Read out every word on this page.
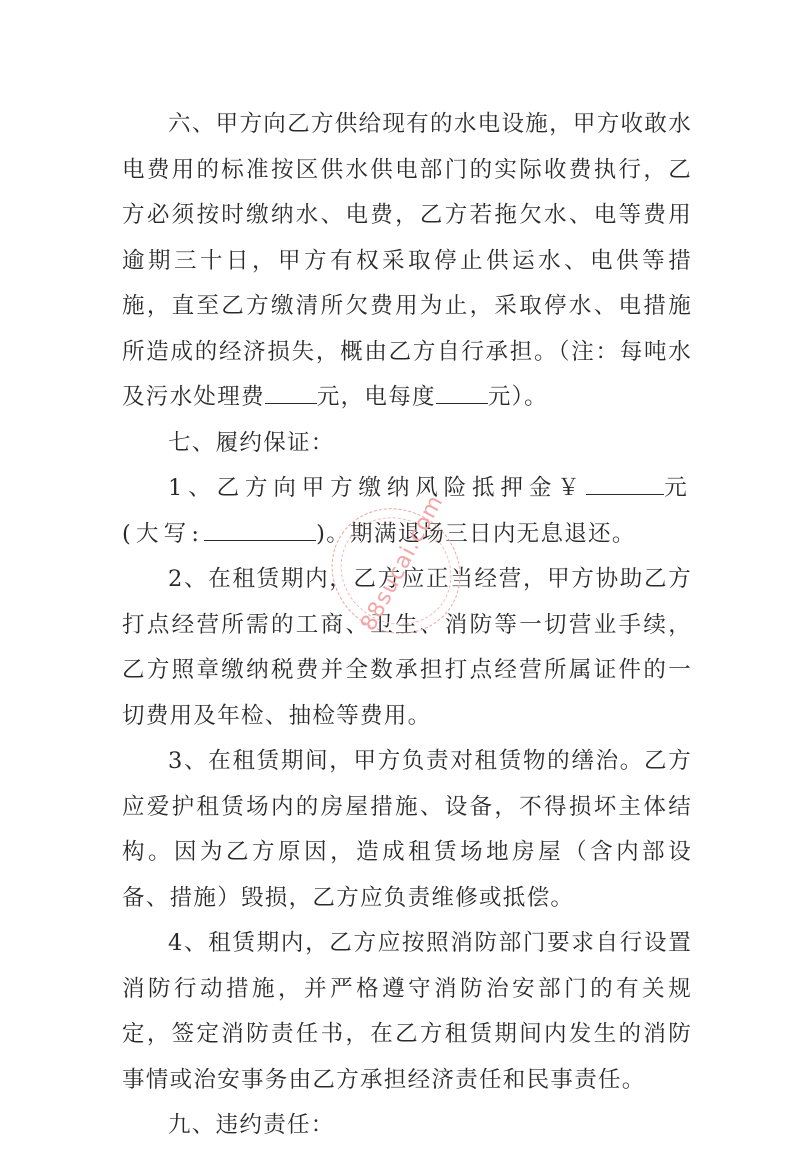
六、甲方向乙方供给现有的水电设施，甲方收敢水电费用的标准按区供水供电部门的实际收费执行，乙方必须按时缴纳水、电费，乙方若拖欠水、电等费用逾期三十日，甲方有权采取停止供运水、电供等措施，直至乙方缴清所欠费用为止，采取停水、电措施所造成的经济损失，概由乙方自行承担。（注：每吨水及污水处理费 元，电每度 元）。

七、履约保证：

1、乙方向甲方缴纳风险抵押金￥	元(大写:	)。期满退场三日内无息退还。

2、在租赁期内，乙方应正当经营，甲方协助乙方打点经营所需的工商、卫生、消防等一切营业手续，乙方照章缴纳税费并全数承担打点经营所属证件的一切费用及年检、抽检等费用。

3、在租赁期间，甲方负责对租赁物的缮治。乙方应爱护租赁场内的房屋措施、设备，不得损坏主体结构。因为乙方原因，造成租赁场地房屋（含内部设备、措施）毁损，乙方应负责维修或抵偿。

4、租赁期内，乙方应按照消防部门要求自行设置消防行动措施，并严格遵守消防治安部门的有关规定，签定消防责任书，在乙方租赁期间内发生的消防事情或治安事务由乙方承担经济责任和民事责任。

九、违约责任：

88sucai.com
